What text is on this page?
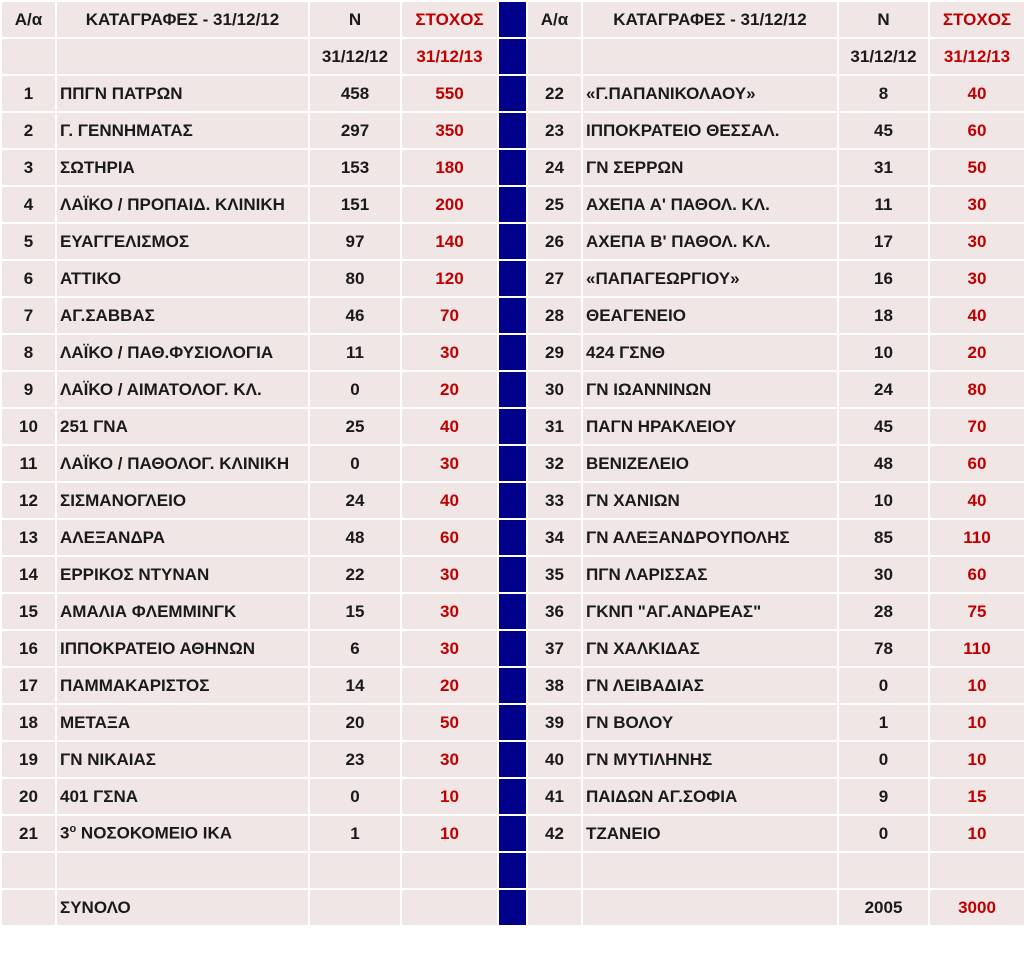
Α/α	ΚΑΤΑΓΡΑΦΕΣ - 31/12/12	Ν	ΣΤΟΧΟΣ		Α/α	ΚΑΤΑΓΡΑΦΕΣ - 31/12/12	Ν	ΣΤΟΧΟΣ
		31/12/12	31/12/13				31/12/12	31/12/13
1	ΠΠΓΝ ΠΑΤΡΩΝ	458	550		22	«Γ.ΠΑΠΑΝΙΚΟΛΑΟΥ»	8	40
2	Γ. ΓΕΝΝΗΜΑΤΑΣ	297	350		23	ΙΠΠΟΚΡΑΤΕΙΟ ΘΕΣΣΑΛ.	45	60
3	ΣΩΤΗΡΙΑ	153	180		24	ΓΝ ΣΕΡΡΩΝ	31	50
4	ΛΑΪΚΟ / ΠΡΟΠΑΙΔ. ΚΛΙΝΙΚΗ	151	200		25	ΑΧΕΠΑ Α' ΠΑΘΟΛ. ΚΛ.	11	30
5	ΕΥΑΓΓΕΛΙΣΜΟΣ	97	140		26	ΑΧΕΠΑ Β' ΠΑΘΟΛ. ΚΛ.	17	30
6	ΑΤΤΙΚΟ	80	120		27	«ΠΑΠΑΓΕΩΡΓΙΟΥ»	16	30
7	ΑΓ.ΣΑΒΒΑΣ	46	70		28	ΘΕΑΓΕΝΕΙΟ	18	40
8	ΛΑΪΚΟ / ΠΑΘ.ΦΥΣΙΟΛΟΓΙΑ	11	30		29	424 ΓΣΝΘ	10	20
9	ΛΑΪΚΟ / ΑΙΜΑΤΟΛΟΓ. ΚΛ.	0	20		30	ΓΝ ΙΩΑΝΝΙΝΩΝ	24	80
10	251 ΓΝΑ	25	40		31	ΠΑΓΝ ΗΡΑΚΛΕΙΟΥ	45	70
11	ΛΑΪΚΟ / ΠΑΘΟΛΟΓ. ΚΛΙΝΙΚΗ	0	30		32	ΒΕΝΙΖΕΛΕΙΟ	48	60
12	ΣΙΣΜΑΝΟΓΛΕΙΟ	24	40		33	ΓΝ ΧΑΝΙΩΝ	10	40
13	ΑΛΕΞΑΝΔΡΑ	48	60		34	ΓΝ ΑΛΕΞΑΝΔΡΟΥΠΟΛΗΣ	85	110
14	ΕΡΡΙΚΟΣ ΝΤΥΝΑΝ	22	30		35	ΠΓΝ ΛΑΡΙΣΣΑΣ	30	60
15	ΑΜΑΛΙΑ ΦΛΕΜΜΙΝΓΚ	15	30		36	ΓΚΝΠ "ΑΓ.ΑΝΔΡΕΑΣ"	28	75
16	ΙΠΠΟΚΡΑΤΕΙΟ ΑΘΗΝΩΝ	6	30		37	ΓΝ ΧΑΛΚΙΔΑΣ	78	110
17	ΠΑΜΜΑΚΑΡΙΣΤΟΣ	14	20		38	ΓΝ ΛΕΙΒΑΔΙΑΣ	0	10
18	ΜΕΤΑΞΑ	20	50		39	ΓΝ ΒΟΛΟΥ	1	10
19	ΓΝ ΝΙΚΑΙΑΣ	23	30		40	ΓΝ ΜΥΤΙΛΗΝΗΣ	0	10
20	401 ΓΣΝΑ	0	10		41	ΠΑΙΔΩΝ ΑΓ.ΣΟΦΙΑ	9	15
21	$3^o$ ΝΟΣΟΚΟΜΕΙΟ ΙΚΑ	1	10		42	ΤΖΑΝΕΙΟ	0	10

	ΣΥΝΟΛΟ						2005	3000
